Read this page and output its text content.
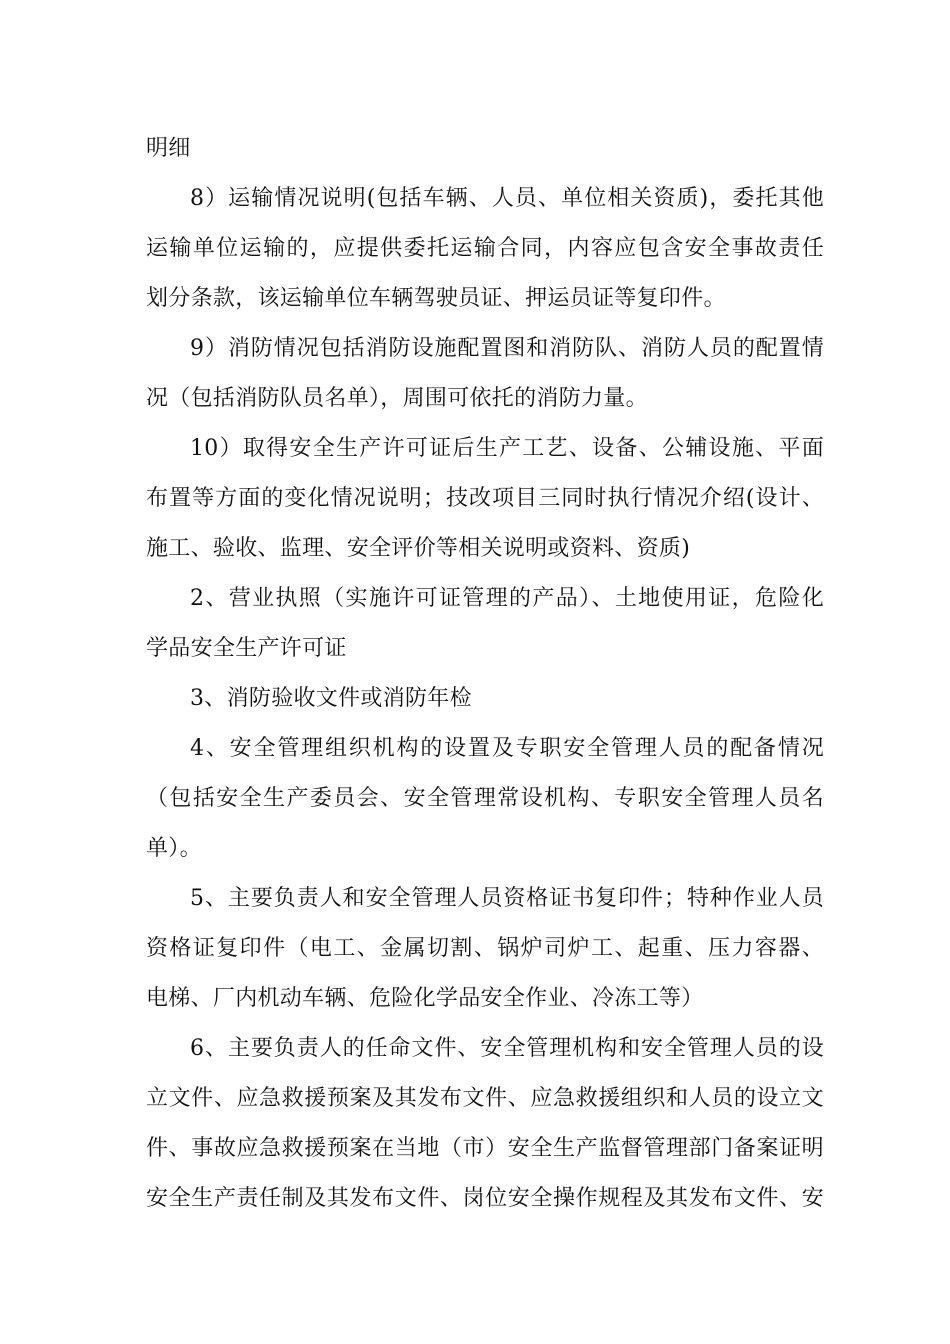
明细
8）运输情况说明(包括车辆、人员、单位相关资质)，委托其他
运输单位运输的，应提供委托运输合同，内容应包含安全事故责任
划分条款，该运输单位车辆驾驶员证、押运员证等复印件。
9）消防情况包括消防设施配置图和消防队、消防人员的配置情
况（包括消防队员名单），周围可依托的消防力量。
10）取得安全生产许可证后生产工艺、设备、公辅设施、平面
布置等方面的变化情况说明；技改项目三同时执行情况介绍(设计、
施工、验收、监理、安全评价等相关说明或资料、资质)
2、营业执照（实施许可证管理的产品）、土地使用证，危险化
学品安全生产许可证
3、消防验收文件或消防年检
4、安全管理组织机构的设置及专职安全管理人员的配备情况
（包括安全生产委员会、安全管理常设机构、专职安全管理人员名
单）。
5、主要负责人和安全管理人员资格证书复印件；特种作业人员
资格证复印件（电工、金属切割、锅炉司炉工、起重、压力容器、
电梯、厂内机动车辆、危险化学品安全作业、冷冻工等）
6、主要负责人的任命文件、安全管理机构和安全管理人员的设
立文件、应急救援预案及其发布文件、应急救援组织和人员的设立文
件、事故应急救援预案在当地（市）安全生产监督管理部门备案证明
安全生产责任制及其发布文件、岗位安全操作规程及其发布文件、安
